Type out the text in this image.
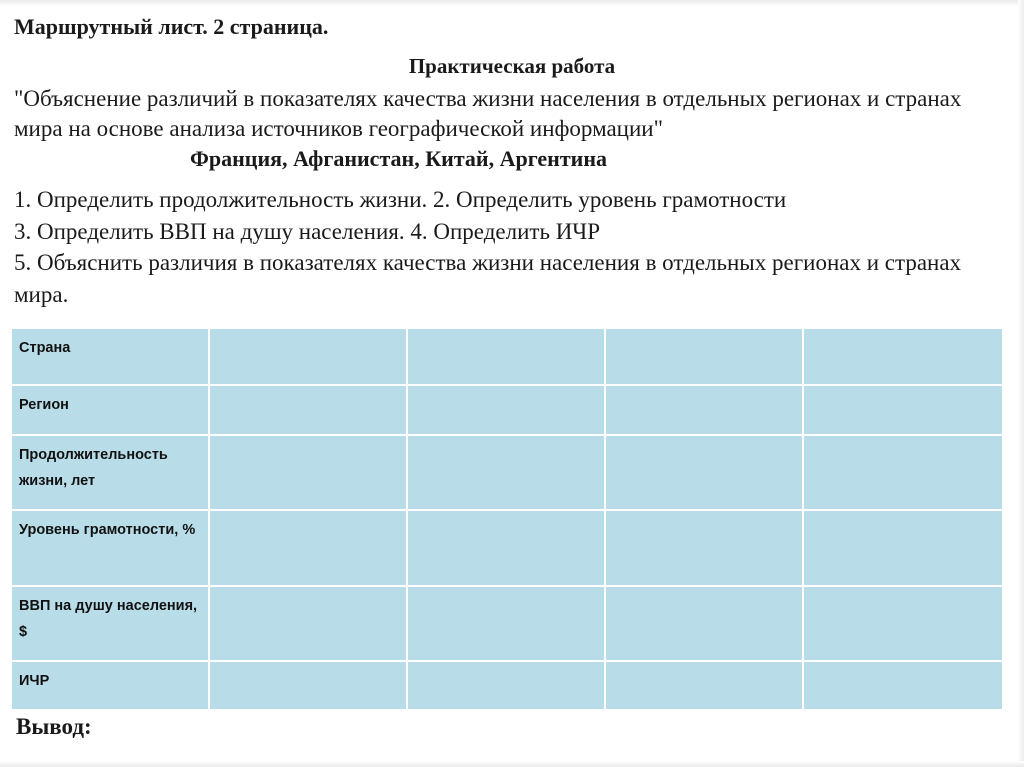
Маршрутный лист. 2 страница.
Практическая работа
"Объяснение различий в показателях качества жизни населения в отдельных регионах и странах мира на основе анализа источников географической информации"
Франция, Афганистан, Китай, Аргентина
1. Определить продолжительность жизни. 2. Определить уровень грамотности
3. Определить ВВП на душу населения. 4. Определить ИЧР
5. Объяснить различия в показателях качества жизни населения в отдельных регионах и странах мира.
Страна				
Регион				
Продолжительность жизни, лет				
Уровень грамотности, %				
ВВП на душу населения, $				
ИЧР				
Вывод:
